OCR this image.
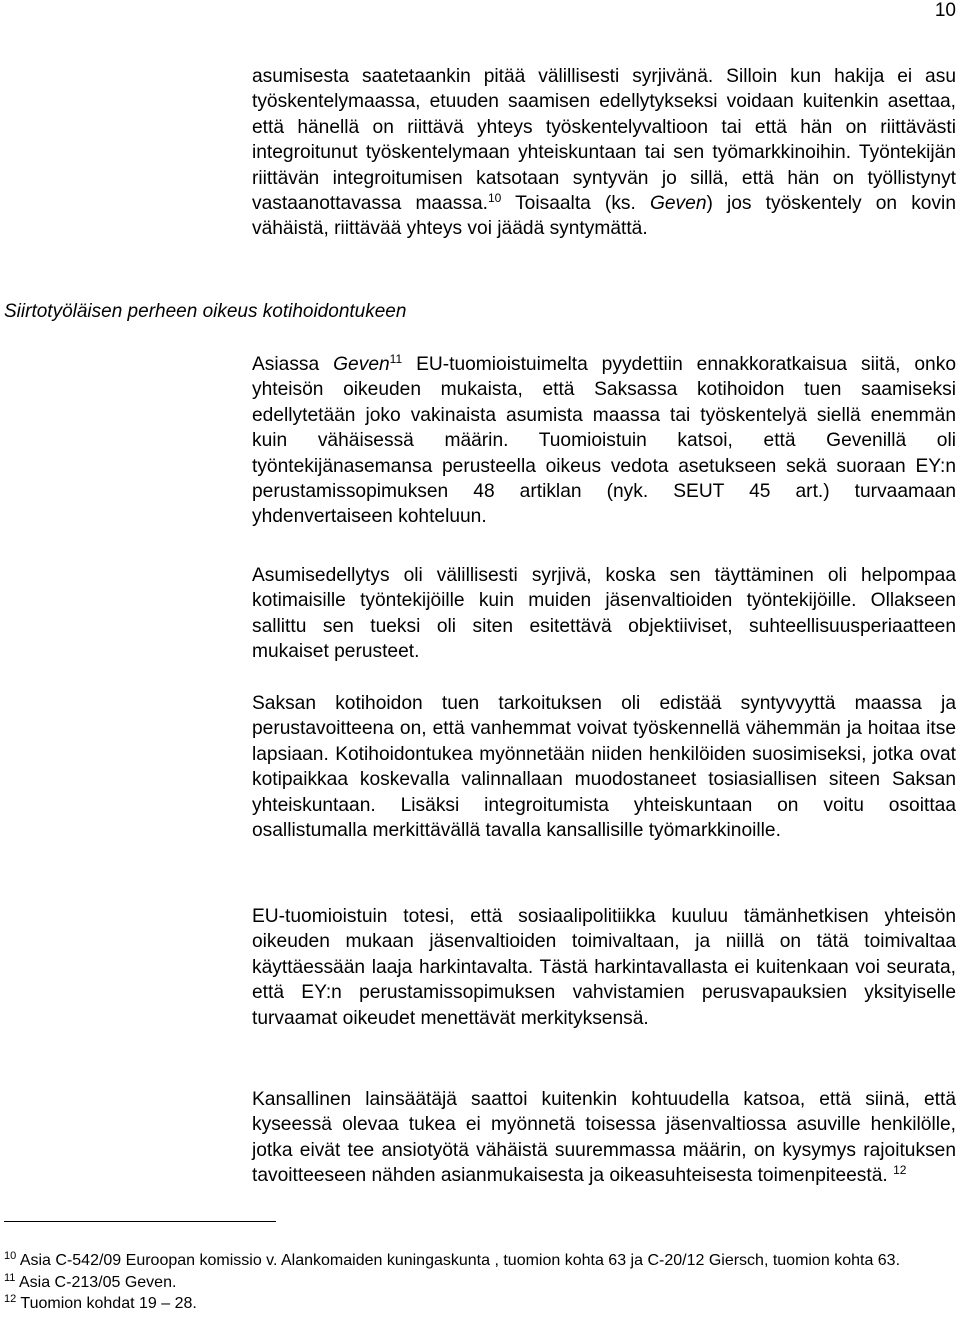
10

asumisesta saatetaankin pitää välillisesti syrjivänä. Silloin kun hakija ei asu työskentelymaassa, etuuden saamisen edellytykseksi voidaan kuitenkin asettaa, että hänellä on riittävä yhteys työskentelyvaltioon tai että hän on riittävästi integroitunut työskentelymaan yhteiskuntaan tai sen työmarkkinoihin. Työntekijän riittävän integroitumisen katsotaan syntyvän jo sillä, että hän on työllistynyt vastaanottavassa maassa.$^{10}$ Toisaalta (ks. Geven) jos työskentely on kovin vähäistä, riittävää yhteys voi jäädä syntymättä.

Siirtotyöläisen perheen oikeus kotihoidontukeen

Asiassa Geven$^{11}$ EU-tuomioistuimelta pyydettiin ennakkoratkaisua siitä, onko yhteisön oikeuden mukaista, että Saksassa kotihoidon tuen saamiseksi edellytetään joko vakinaista asumista maassa tai työskentelyä siellä enemmän kuin vähäisessä määrin. Tuomioistuin katsoi, että Gevenillä oli työntekijänasemansa perusteella oikeus vedota asetukseen sekä suoraan EY:n perustamissopimuksen 48 artiklan (nyk. SEUT 45 art.) turvaamaan yhdenvertaiseen kohteluun.

Asumisedellytys oli välillisesti syrjivä, koska sen täyttäminen oli helpompaa kotimaisille työntekijöille kuin muiden jäsenvaltioiden työntekijöille. Ollakseen sallittu sen tueksi oli siten esitettävä objektiiviset, suhteellisuusperiaatteen mukaiset perusteet.

Saksan kotihoidon tuen tarkoituksen oli edistää syntyvyyttä maassa ja perustavoitteena on, että vanhemmat voivat työskennellä vähemmän ja hoitaa itse lapsiaan. Kotihoidontukea myönnetään niiden henkilöiden suosimiseksi, jotka ovat kotipaikkaa koskevalla valinnallaan muodostaneet tosiasiallisen siteen Saksan yhteiskuntaan. Lisäksi integroitumista yhteiskuntaan on voitu osoittaa osallistumalla merkittävällä tavalla kansallisille työmarkkinoille.

EU-tuomioistuin totesi, että sosiaalipolitiikka kuuluu tämänhetkisen yhteisön oikeuden mukaan jäsenvaltioiden toimivaltaan, ja niillä on tätä toimivaltaa käyttäessään laaja harkintavalta. Tästä harkintavallasta ei kuitenkaan voi seurata, että EY:n perustamissopimuksen vahvistamien perusvapauksien yksityiselle turvaamat oikeudet menettävät merkityksensä.

Kansallinen lainsäätäjä saattoi kuitenkin kohtuudella katsoa, että siinä, että kyseessä olevaa tukea ei myönnetä toisessa jäsenvaltiossa asuville henkilölle, jotka eivät tee ansiotyötä vähäistä suuremmassa määrin, on kysymys rajoituksen tavoitteeseen nähden asianmukaisesta ja oikeasuhteisesta toimenpiteestä. $^{12}$

$^{10}$ Asia C-542/09 Euroopan komissio v. Alankomaiden kuningaskunta , tuomion kohta 63 ja C-20/12 Giersch, tuomion kohta 63.

$^{11}$ Asia C-213/05 Geven.

$^{12}$ Tuomion kohdat 19 – 28.
